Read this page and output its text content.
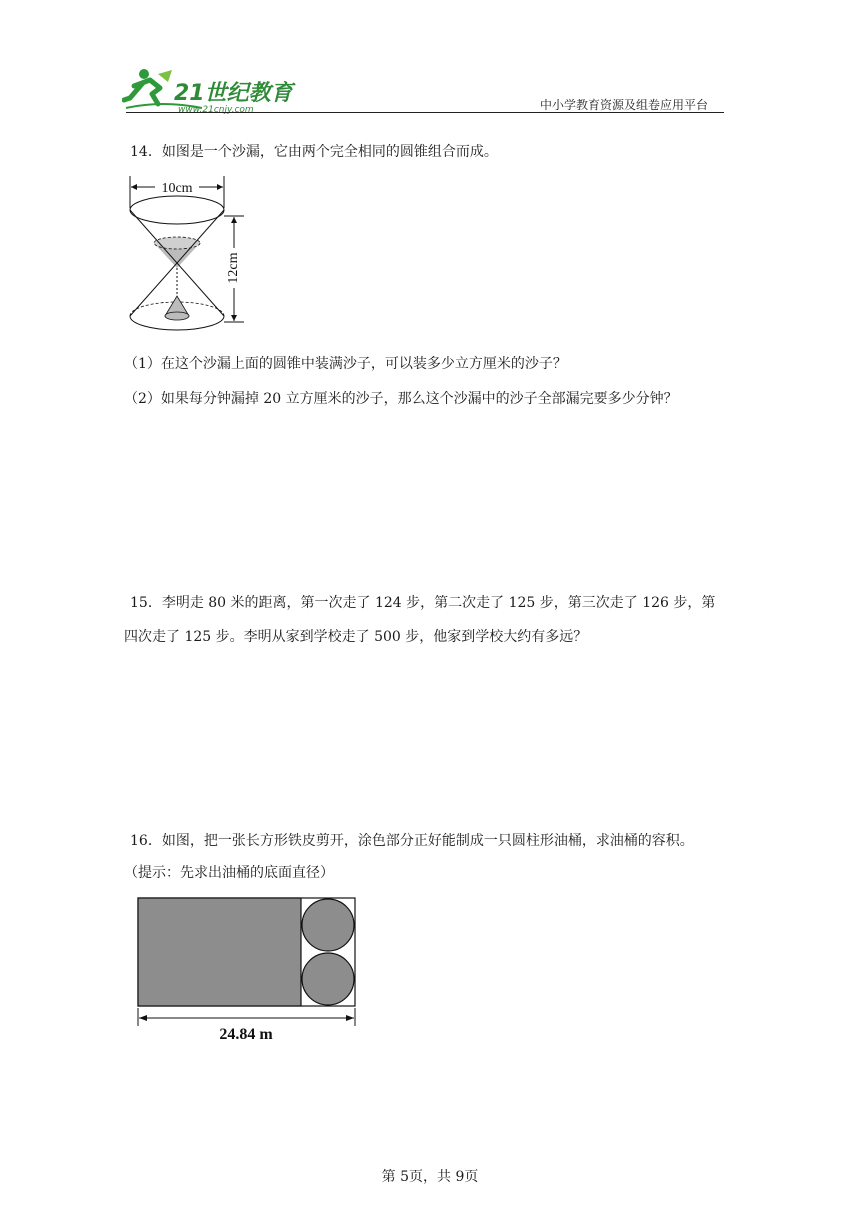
21世纪教育
www.21cnjy.com	中小学教育资源及组卷应用平台
14．如图是一个沙漏，它由两个完全相同的圆锥组合而成。
10cm
12cm
（1）在这个沙漏上面的圆锥中装满沙子，可以装多少立方厘米的沙子？
（2）如果每分钟漏掉 20 立方厘米的沙子，那么这个沙漏中的沙子全部漏完要多少分钟？
15．李明走 80 米的距离，第一次走了 124 步，第二次走了 125 步，第三次走了 126 步，第
四次走了 125 步。李明从家到学校走了 500 步，他家到学校大约有多远？
16．如图，把一张长方形铁皮剪开，涂色部分正好能制成一只圆柱形油桶，求油桶的容积。
（提示：先求出油桶的底面直径）
24.84 m
第 5页，共 9页
